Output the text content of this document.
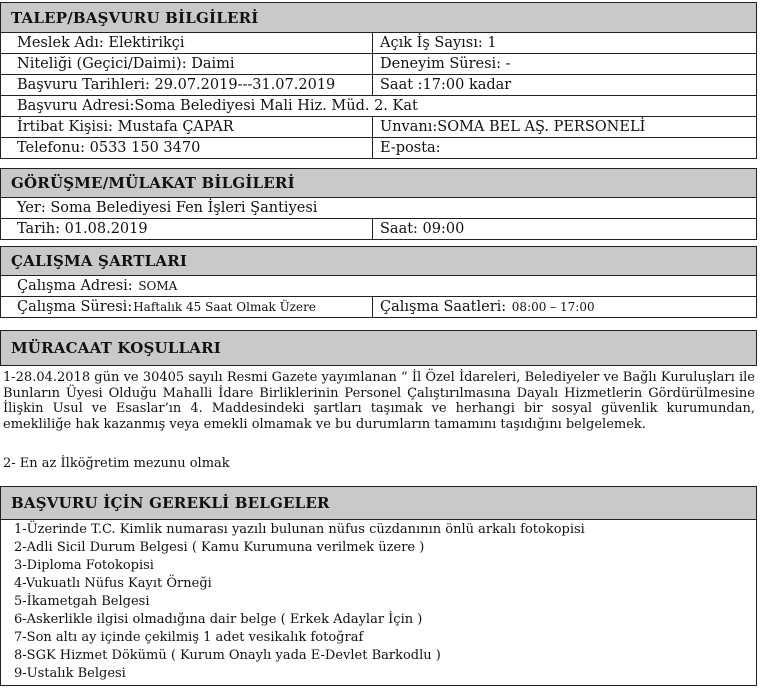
TALEP/BAŞVURU BİLGİLERİ
Meslek Adı: Elektirikçi	Açık İş Sayısı: 1
Niteliği (Geçici/Daimi): Daimi	Deneyim Süresi: -
Başvuru Tarihleri: 29.07.2019---31.07.2019	Saat :17:00 kadar
Başvuru Adresi:Soma Belediyesi Mali Hiz. Müd. 2. Kat
İrtibat Kişisi: Mustafa ÇAPAR	Unvanı:SOMA BEL AŞ. PERSONELİ
Telefonu: 0533 150 3470	E-posta:
GÖRÜŞME/MÜLAKAT BİLGİLERİ
Yer: Soma Belediyesi Fen İşleri Şantiyesi
Tarih: 01.08.2019	Saat: 09:00
ÇALIŞMA ŞARTLARI
Çalışma Adresi:
SOMA
Çalışma Süresi: Haftalık 45 Saat Olmak Üzere	Çalışma Saatleri:
08:00 – 17:00
MÜRACAAT KOŞULLARI
1-28.04.2018 gün ve 30405 sayılı Resmi Gazete yayımlanan “ İl Özel İdareleri, Belediyeler ve Bağlı Kuruluşları ile Bunların Üyesi Olduğu Mahalli İdare Birliklerinin Personel Çalıştırılmasına Dayalı Hizmetlerin Gördürülmesine İlişkin Usul ve Esaslar’ın 4. Maddesindeki şartları taşımak ve herhangi bir sosyal güvenlik kurumundan, emekliliğe hak kazanmış veya emekli olmamak ve bu durumların tamamını taşıdığını belgelemek.
2- En az İlköğretim mezunu olmak
BAŞVURU İÇİN GEREKLİ BELGELER
1-Üzerinde T.C. Kimlik numarası yazılı bulunan nüfus cüzdanının önlü arkalı fotokopisi
2-Adli Sicil Durum Belgesi ( Kamu Kurumuna verilmek üzere )
3-Diploma Fotokopisi
4-Vukuatlı Nüfus Kayıt Örneği
5-İkametgah Belgesi
6-Askerlikle ilgisi olmadığına dair belge ( Erkek Adaylar İçin )
7-Son altı ay içinde çekilmiş 1 adet vesikalık fotoğraf
8-SGK Hizmet Dökümü ( Kurum Onaylı yada E-Devlet Barkodlu )
9-Ustalık Belgesi
